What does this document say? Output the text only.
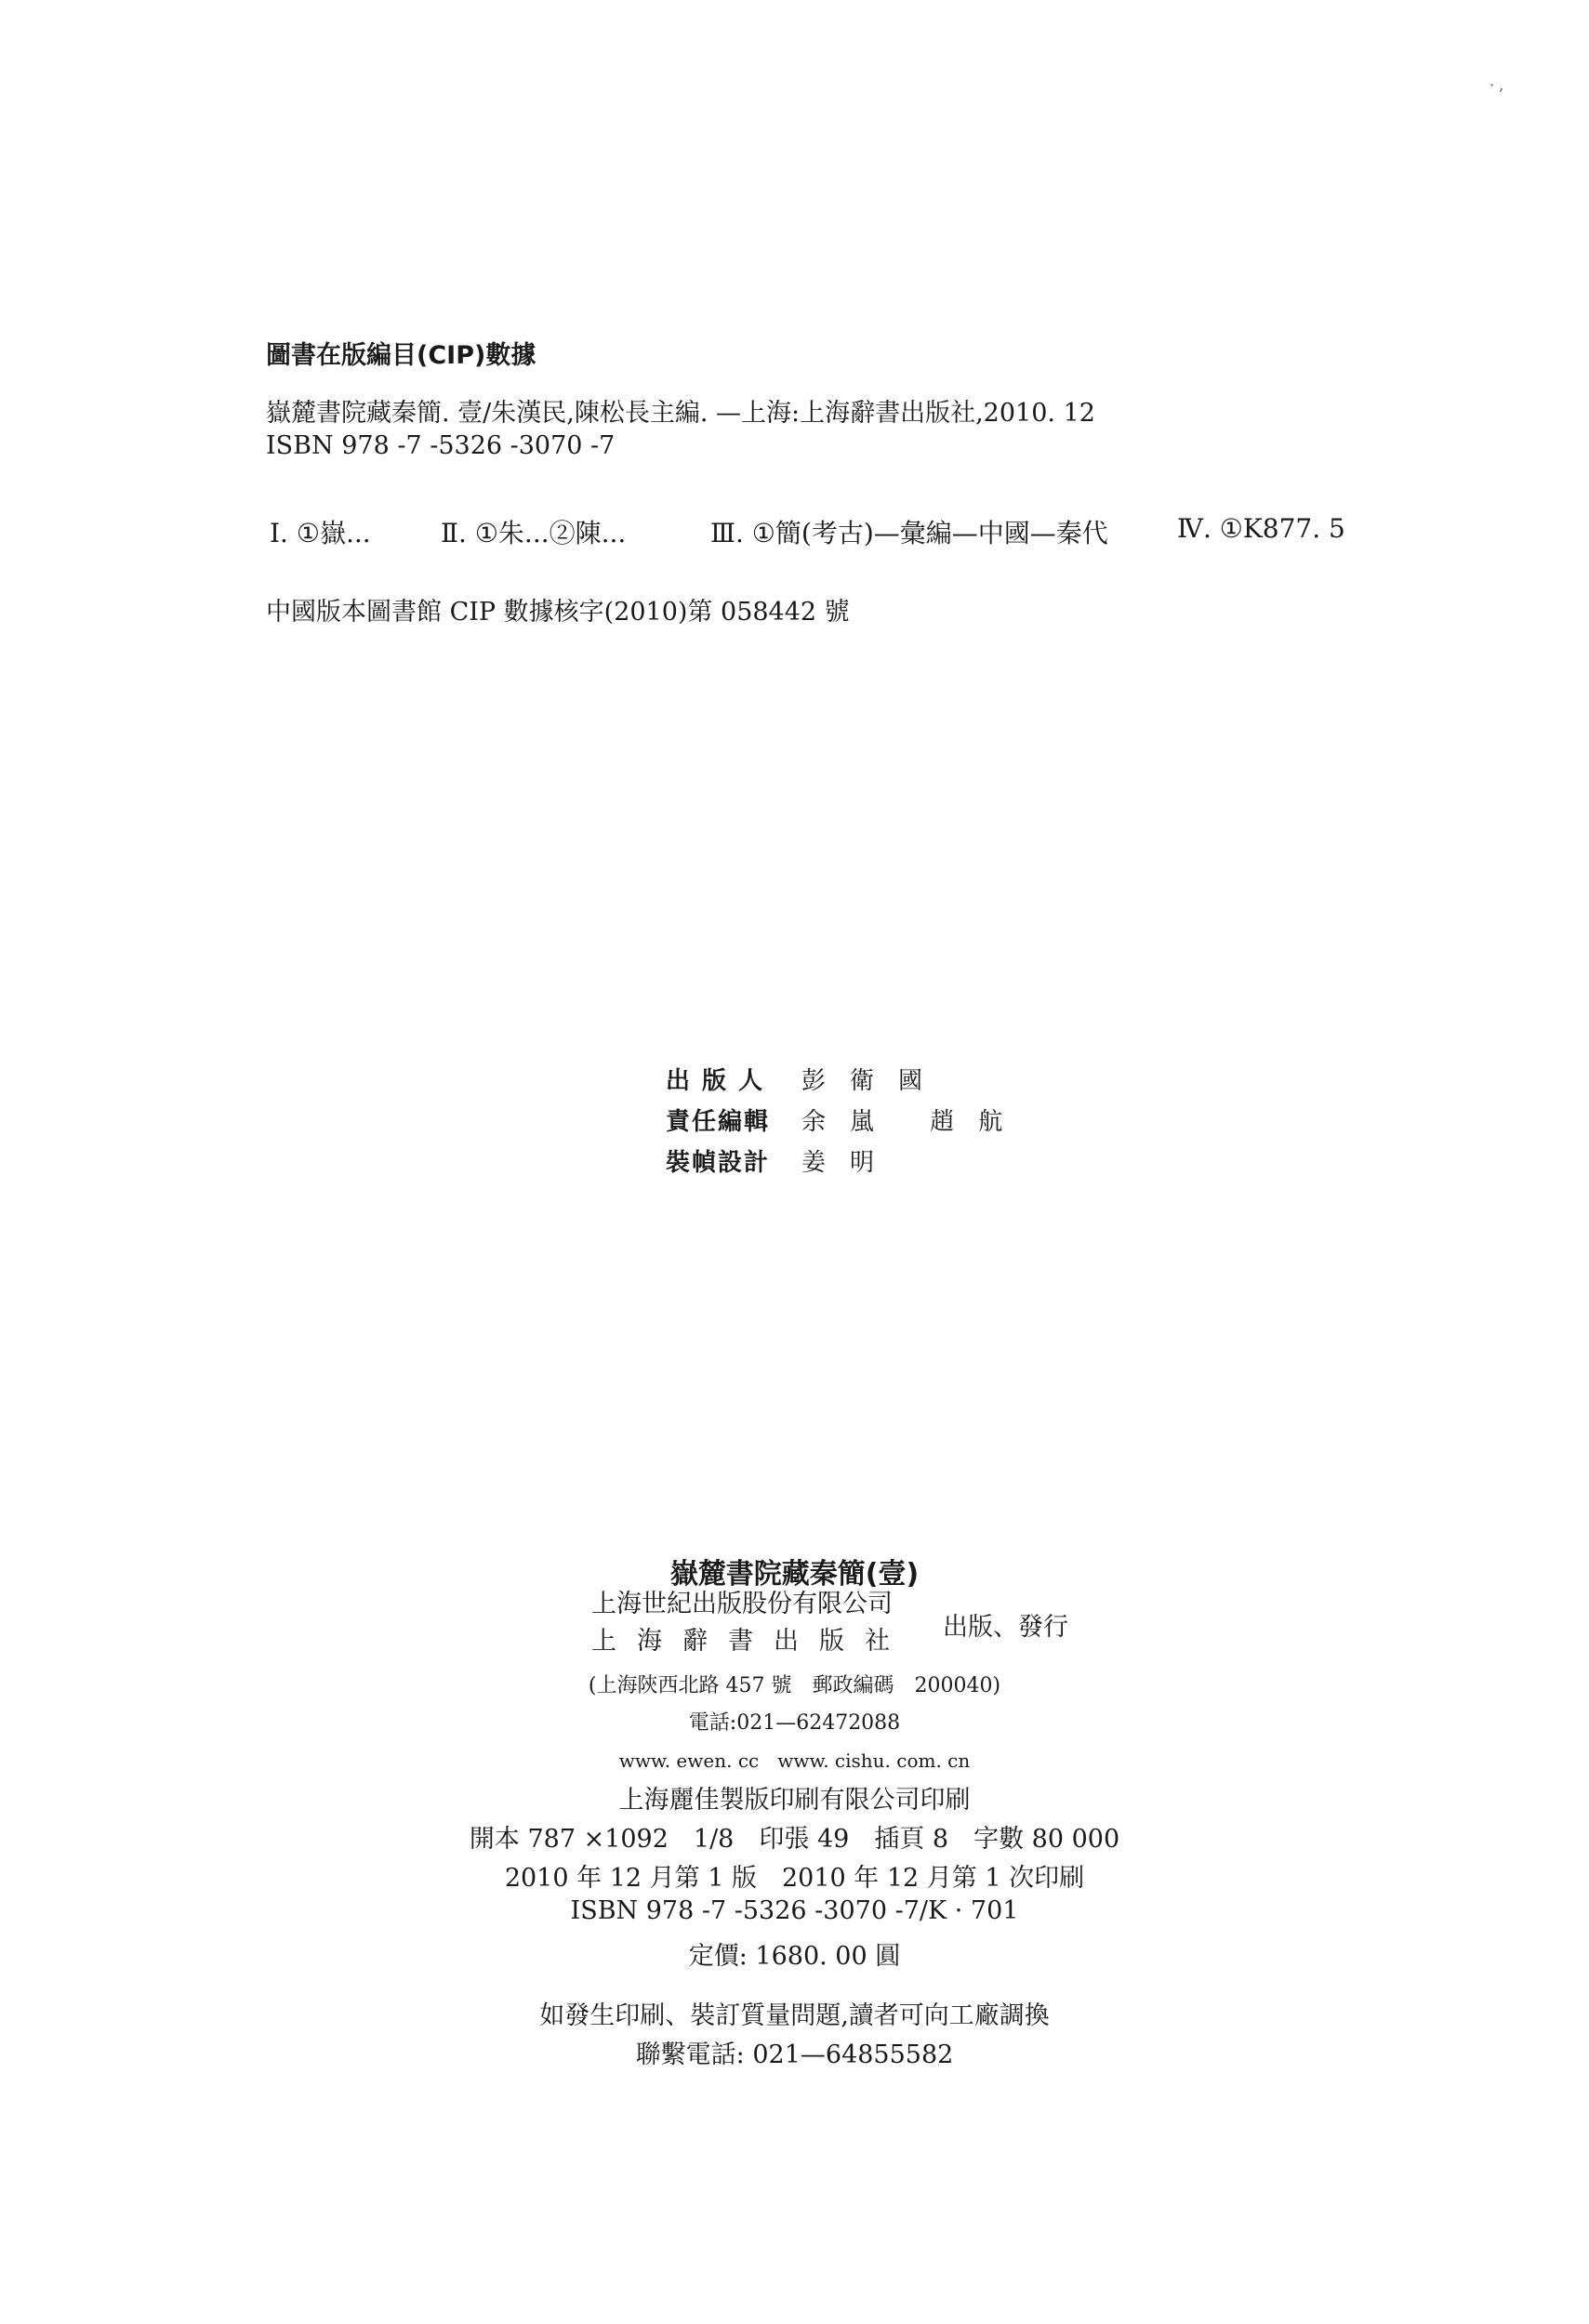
· ,
圖書在版編目(CIP)數據
嶽麓書院藏秦簡. 壹/朱漢民,陳松長主編. —上海:上海辭書出版社,2010. 12
ISBN 978 -7 -5326 -3070 -7
Ⅰ. ①嶽...	Ⅱ. ①朱...②陳...	Ⅲ. ①簡(考古)—彙編—中國—秦代	Ⅳ. ①K877. 5
中國版本圖書館 CIP 數據核字(2010)第 058442 號
出 版 人 彭衛國
責任編輯 余嵐 趙航
裝幀設計 姜明
嶽麓書院藏秦簡(壹)
上海世紀出版股份有限公司
上海辭書出版社 出版、發行
(上海陝西北路 457 號　郵政編碼　200040)
電話:021—62472088
www. ewen. cc　www. cishu. com. cn
上海麗佳製版印刷有限公司印刷
開本 787 ×1092　1/8　印張 49　插頁 8　字數 80 000
2010 年 12 月第 1 版　2010 年 12 月第 1 次印刷
ISBN 978 -7 -5326 -3070 -7/K · 701
定價: 1680. 00 圓
如發生印刷、裝訂質量問題,讀者可向工廠調換
聯繫電話: 021—64855582
